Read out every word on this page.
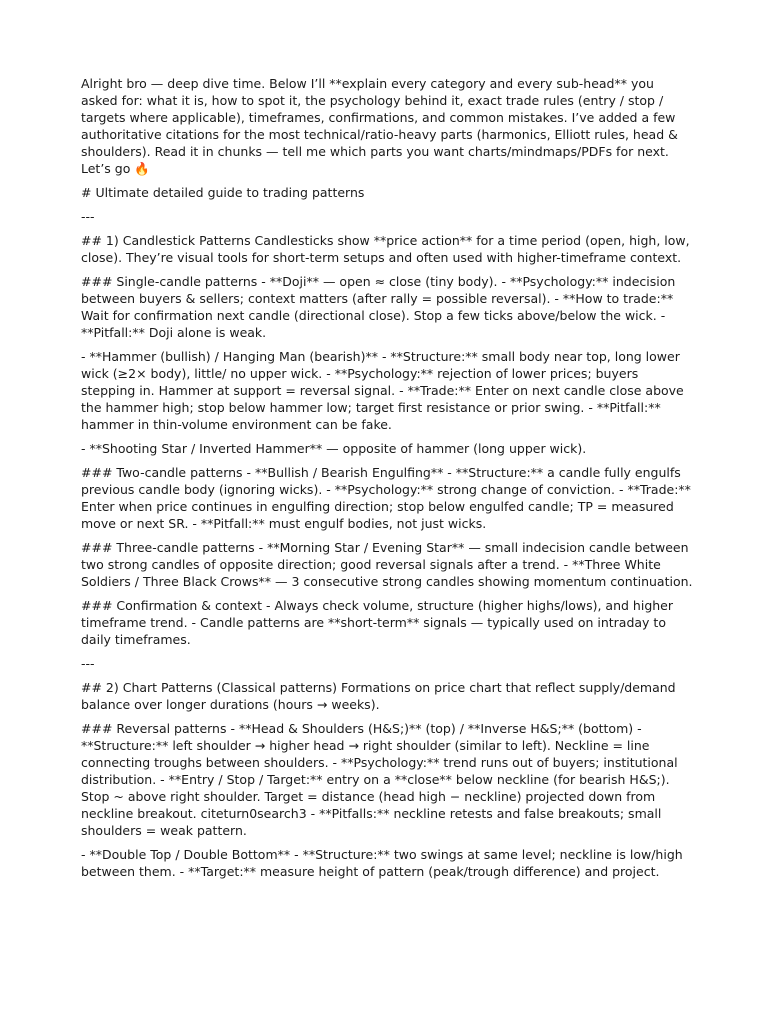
Alright bro — deep dive time. Below I’ll **explain every category and every sub-head** you asked for: what it is, how to spot it, the psychology behind it, exact trade rules (entry / stop / targets where applicable), timeframes, confirmations, and common mistakes. I’ve added a few authoritative citations for the most technical/ratio-heavy parts (harmonics, Elliott rules, head & shoulders). Read it in chunks — tell me which parts you want charts/mindmaps/PDFs for next. Let’s go 🔥

# Ultimate detailed guide to trading patterns

---

## 1) Candlestick Patterns Candlesticks show **price action** for a time period (open, high, low, close). They’re visual tools for short-term setups and often used with higher-timeframe context.

### Single-candle patterns - **Doji** — open ≈ close (tiny body). - **Psychology:** indecision between buyers & sellers; context matters (after rally = possible reversal). - **How to trade:** Wait for confirmation next candle (directional close). Stop a few ticks above/below the wick. - **Pitfall:** Doji alone is weak.

- **Hammer (bullish) / Hanging Man (bearish)** - **Structure:** small body near top, long lower wick (≥2× body), little/ no upper wick. - **Psychology:** rejection of lower prices; buyers stepping in. Hammer at support = reversal signal. - **Trade:** Enter on next candle close above the hammer high; stop below hammer low; target first resistance or prior swing. - **Pitfall:** hammer in thin-volume environment can be fake.

- **Shooting Star / Inverted Hammer** — opposite of hammer (long upper wick).

### Two-candle patterns - **Bullish / Bearish Engulfing** - **Structure:** a candle fully engulfs previous candle body (ignoring wicks). - **Psychology:** strong change of conviction. - **Trade:** Enter when price continues in engulfing direction; stop below engulfed candle; TP = measured move or next SR. - **Pitfall:** must engulf bodies, not just wicks.

### Three-candle patterns - **Morning Star / Evening Star** — small indecision candle between two strong candles of opposite direction; good reversal signals after a trend. - **Three White Soldiers / Three Black Crows** — 3 consecutive strong candles showing momentum continuation.

### Confirmation & context - Always check volume, structure (higher highs/lows), and higher timeframe trend. - Candle patterns are **short-term** signals — typically used on intraday to daily timeframes.

---

## 2) Chart Patterns (Classical patterns) Formations on price chart that reflect supply/demand balance over longer durations (hours → weeks).

### Reversal patterns - **Head & Shoulders (H&S;)** (top) / **Inverse H&S;** (bottom) - **Structure:** left shoulder → higher head → right shoulder (similar to left). Neckline = line connecting troughs between shoulders. - **Psychology:** trend runs out of buyers; institutional distribution. - **Entry / Stop / Target:** entry on a **close** below neckline (for bearish H&S;). Stop ~ above right shoulder. Target = distance (head high − neckline) projected down from neckline breakout. citeturn0search3 - **Pitfalls:** neckline retests and false breakouts; small shoulders = weak pattern.

- **Double Top / Double Bottom** - **Structure:** two swings at same level; neckline is low/high between them. - **Target:** measure height of pattern (peak/trough difference) and project.
